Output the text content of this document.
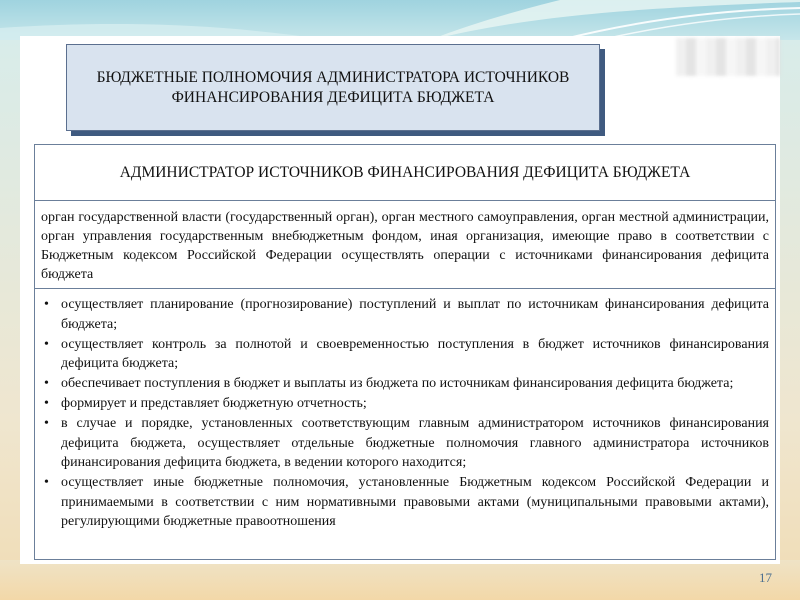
БЮДЖЕТНЫЕ ПОЛНОМОЧИЯ АДМИНИСТРАТОРА ИСТОЧНИКОВ
ФИНАНСИРОВАНИЯ ДЕФИЦИТА БЮДЖЕТА
АДМИНИСТРАТОР ИСТОЧНИКОВ ФИНАНСИРОВАНИЯ ДЕФИЦИТА БЮДЖЕТА
орган государственной власти (государственный орган), орган местного самоуправления, орган местной администрации, орган управления государственным внебюджетным фондом, иная организация, имеющие право в соответствии с Бюджетным кодексом Российской Федерации осуществлять операции с источниками финансирования дефицита бюджета
• осуществляет планирование (прогнозирование) поступлений и выплат по источникам финансирования дефицита бюджета;
• осуществляет контроль за полнотой и своевременностью поступления в бюджет источников финансирования дефицита бюджета;
• обеспечивает поступления в бюджет и выплаты из бюджета по источникам финансирования дефицита бюджета;
• формирует и представляет бюджетную отчетность;
• в случае и порядке, установленных соответствующим главным администратором источников финансирования дефицита бюджета, осуществляет отдельные бюджетные полномочия главного администратора источников финансирования дефицита бюджета, в ведении которого находится;
• осуществляет иные бюджетные полномочия, установленные Бюджетным кодексом Российской Федерации и принимаемыми в соответствии с ним нормативными правовыми актами (муниципальными правовыми актами), регулирующими бюджетные правоотношения
17
